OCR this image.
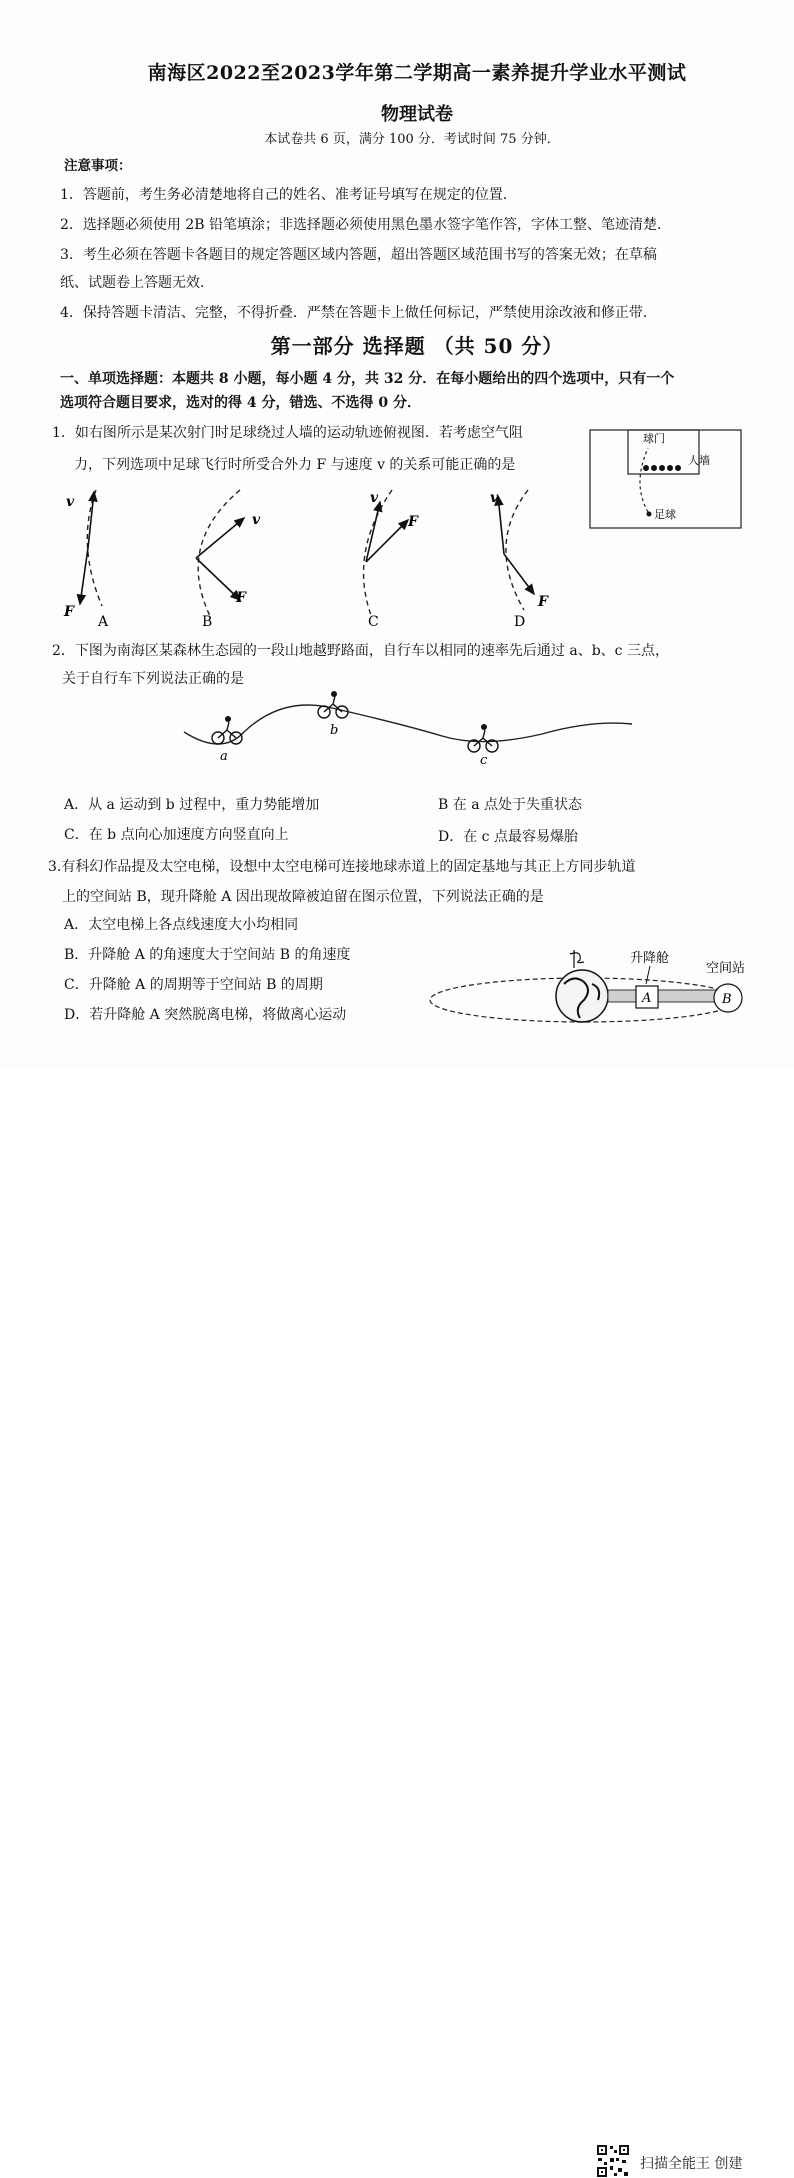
南海区2022至2023学年第二学期高一素养提升学业水平测试
物理试卷
本试卷共 6 页，满分 100 分．考试时间 75 分钟．
注意事项：
1．答题前，考生务必清楚地将自己的姓名、准考证号填写在规定的位置．
2．选择题必须使用 2B 铅笔填涂；非选择题必须使用黑色墨水签字笔作答，字体工整、笔迹清楚．
3．考生必须在答题卡各题目的规定答题区域内答题，超出答题区域范围书写的答案无效；在草稿
纸、试题卷上答题无效．
4．保持答题卡清洁、完整，不得折叠．严禁在答题卡上做任何标记，严禁使用涂改液和修正带．
第一部分 选择题 （共 50 分）
一、单项选择题：本题共 8 小题，每小题 4 分，共 32 分．在每小题给出的四个选项中，只有一个
选项符合题目要求，选对的得 4 分，错选、不选得 0 分．
1．如右图所示是某次射门时足球绕过人墙的运动轨迹俯视图．若考虑空气阻
力，下列选项中足球飞行时所受合外力 F 与速度 v 的关系可能正确的是
球门
人墙
足球
v
F
A
v
F
B
v
F
C
v
F
D
2．下图为南海区某森林生态园的一段山地越野路面，自行车以相同的速率先后通过 a、b、c 三点，
关于自行车下列说法正确的是
a
b
c
A．从 a 运动到 b 过程中，重力势能增加	B 在 a 点处于失重状态
C．在 b 点向心加速度方向竖直向上	D．在 c 点最容易爆胎
3.有科幻作品提及太空电梯，设想中太空电梯可连接地球赤道上的固定基地与其正上方同步轨道
上的空间站 B，现升降舱 A 因出现故障被迫留在图示位置，下列说法正确的是
A．太空电梯上各点线速度大小均相同
B．升降舱 A 的角速度大于空间站 B 的角速度
C．升降舱 A 的周期等于空间站 B 的周期
D．若升降舱 A 突然脱离电梯，将做离心运动
A
升降舱
B
空间站
扫描全能王 创建
